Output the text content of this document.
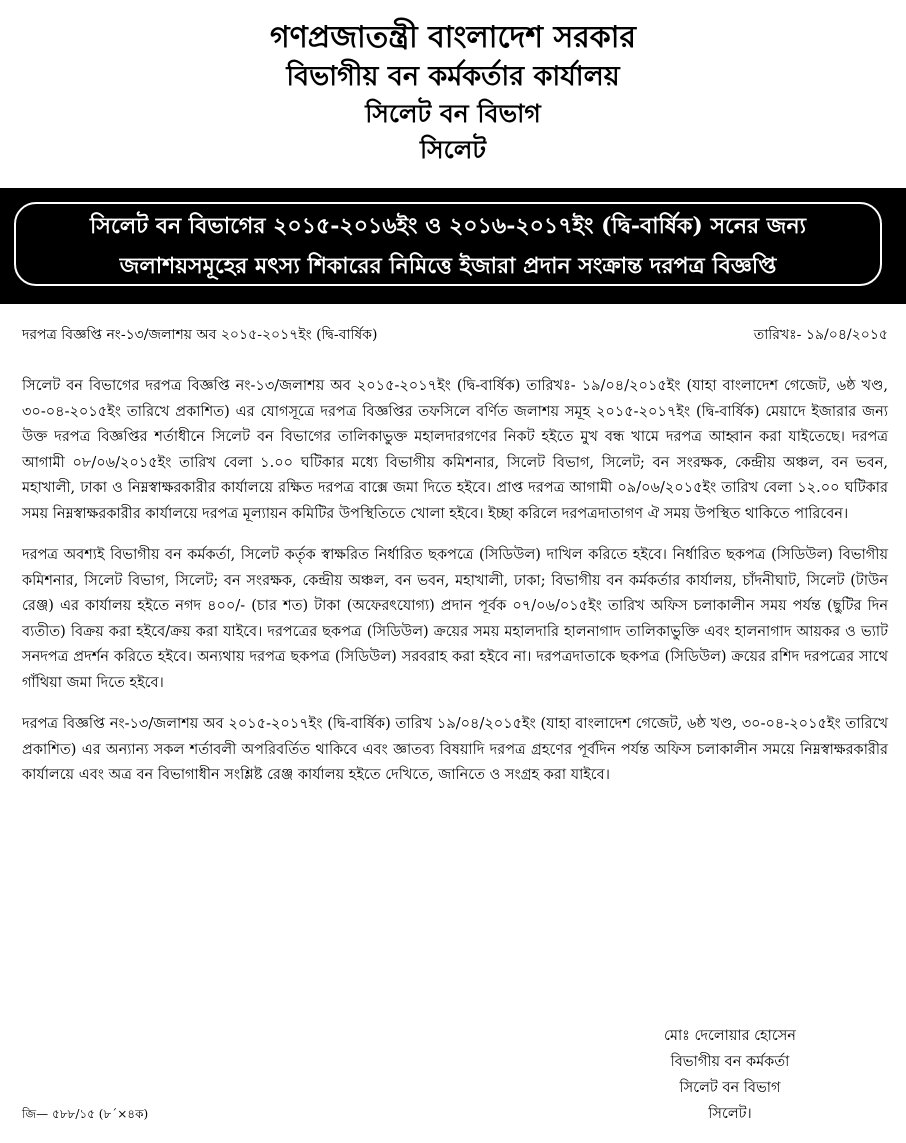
গণপ্রজাতন্ত্রী বাংলাদেশ সরকার
বিভাগীয় বন কর্মকর্তার কার্যালয়
সিলেট বন বিভাগ
সিলেট
সিলেট বন বিভাগের ২০১৫-২০১৬ইং ও ২০১৬-২০১৭ইং (দ্বি-বার্ষিক) সনের জন্য
জলাশয়সমূহের মৎস্য শিকারের নিমিত্তে ইজারা প্রদান সংক্রান্ত দরপত্র বিজ্ঞপ্তি
দরপত্র বিজ্ঞপ্তি নং-১৩/জলাশয় অব ২০১৫-২০১৭ইং (দ্বি-বার্ষিক)	তারিখঃ- ১৯/০৪/২০১৫

সিলেট বন বিভাগের দরপত্র বিজ্ঞপ্তি নং-১৩/জলাশয় অব ২০১৫-২০১৭ইং (দ্বি-বার্ষিক) তারিখঃ- ১৯/০৪/২০১৫ইং (যাহা বাংলাদেশ গেজেট, ৬ষ্ঠ খণ্ড, ৩০-০৪-২০১৫ইং তারিখে প্রকাশিত) এর যোগসূত্রে দরপত্র বিজ্ঞপ্তির তফসিলে বর্ণিত জলাশয় সমূহ ২০১৫-২০১৭ইং (দ্বি-বার্ষিক) মেয়াদে ইজারার জন্য উক্ত দরপত্র বিজ্ঞপ্তির শর্তাধীনে সিলেট বন বিভাগের তালিকাভুক্ত মহালদারগণের নিকট হইতে মুখ বন্ধ খামে দরপত্র আহ্বান করা যাইতেছে। দরপত্র আগামী ০৮/০৬/২০১৫ইং তারিখ বেলা ১.০০ ঘটিকার মধ্যে বিভাগীয় কমিশনার, সিলেট বিভাগ, সিলেট; বন সংরক্ষক, কেন্দ্রীয় অঞ্চল, বন ভবন, মহাখালী, ঢাকা ও নিম্নস্বাক্ষরকারীর কার্যালয়ে রক্ষিত দরপত্র বাক্সে জমা দিতে হইবে। প্রাপ্ত দরপত্র আগামী ০৯/০৬/২০১৫ইং তারিখ বেলা ১২.০০ ঘটিকার সময় নিম্নস্বাক্ষরকারীর কার্যালয়ে দরপত্র মূল্যায়ন কমিটির উপস্থিতিতে খোলা হইবে। ইচ্ছা করিলে দরপত্রদাতাগণ ঐ সময় উপস্থিত থাকিতে পারিবেন।

দরপত্র অবশ্যই বিভাগীয় বন কর্মকর্তা, সিলেট কর্তৃক স্বাক্ষরিত নির্ধারিত ছকপত্রে (সিডিউল) দাখিল করিতে হইবে। নির্ধারিত ছকপত্র (সিডিউল) বিভাগীয় কমিশনার, সিলেট বিভাগ, সিলেট; বন সংরক্ষক, কেন্দ্রীয় অঞ্চল, বন ভবন, মহাখালী, ঢাকা; বিভাগীয় বন কর্মকর্তার কার্যালয়, চাঁদনীঘাট, সিলেট (টাউন রেঞ্জ) এর কার্যালয় হইতে নগদ ৪০০/- (চার শত) টাকা (অফেরৎযোগ্য) প্রদান পূর্বক ০৭/০৬/০১৫ইং তারিখ অফিস চলাকালীন সময় পর্যন্ত (ছুটির দিন ব্যতীত) বিক্রয় করা হইবে/ক্রয় করা যাইবে। দরপত্রের ছকপত্র (সিডিউল) ক্রয়ের সময় মহালদারি হালনাগাদ তালিকাভুক্তি এবং হালনাগাদ আয়কর ও ভ্যাট সনদপত্র প্রদর্শন করিতে হইবে। অন্যথায় দরপত্র ছকপত্র (সিডিউল) সরবরাহ করা হইবে না। দরপত্রদাতাকে ছকপত্র (সিডিউল) ক্রয়ের রশিদ দরপত্রের সাথে গাঁথিয়া জমা দিতে হইবে।

দরপত্র বিজ্ঞপ্তি নং-১৩/জলাশয় অব ২০১৫-২০১৭ইং (দ্বি-বার্ষিক) তারিখ ১৯/০৪/২০১৫ইং (যাহা বাংলাদেশ গেজেট, ৬ষ্ঠ খণ্ড, ৩০-০৪-২০১৫ইং তারিখে প্রকাশিত) এর অন্যান্য সকল শর্তাবলী অপরিবর্তিত থাকিবে এবং জ্ঞাতব্য বিষয়াদি দরপত্র গ্রহণের পূর্বদিন পর্যন্ত অফিস চলাকালীন সময়ে নিম্নস্বাক্ষরকারীর কার্যালয়ে এবং অত্র বন বিভাগাধীন সংশ্লিষ্ট রেঞ্জ কার্যালয় হইতে দেখিতে, জানিতে ও সংগ্রহ করা যাইবে।

মোঃ দেলোয়ার হোসেন
বিভাগীয় বন কর্মকর্তা
সিলেট বন বিভাগ
সিলেট।
জি— ৫৮৮/১৫ (৮´×৪ক)
